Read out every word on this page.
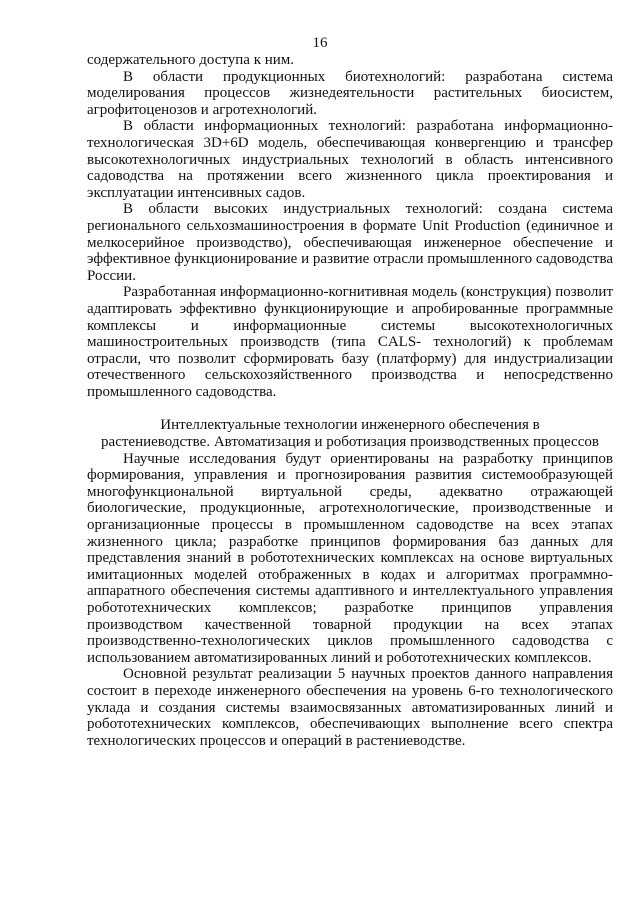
16

содержательного доступа к ним.

В области продукционных биотехнологий: разработана система моделирования процессов жизнедеятельности растительных биосистем, агрофитоценозов и агротехнологий.

В области информационных технологий: разработана информационно-технологическая 3D+6D модель, обеспечивающая конвергенцию и трансфер высокотехнологичных индустриальных технологий в область интенсивного садоводства на протяжении всего жизненного цикла проектирования и эксплуатации интенсивных садов.

В области высоких индустриальных технологий: создана система регионального сельхозмашиностроения в формате Unit Production (единичное и мелкосерийное производство), обеспечивающая инженерное обеспечение и эффективное функционирование и развитие отрасли промышленного садоводства России.

Разработанная информационно-когнитивная модель (конструкция) позволит адаптировать эффективно функционирующие и апробированные программные комплексы и информационные системы высокотехнологичных машиностроительных производств (типа CALS- технологий) к проблемам отрасли, что позволит сформировать базу (платформу) для индустриализации отечественного сельскохозяйственного производства и непосредственно промышленного садоводства.

Интеллектуальные технологии инженерного обеспечения в
растениеводстве. Автоматизация и роботизация производственных процессов

Научные исследования будут ориентированы на разработку принципов формирования, управления и прогнозирования развития системообразующей многофункциональной виртуальной среды, адекватно отражающей биологические, продукционные, агротехнологические, производственные и организационные процессы в промышленном садоводстве на всех этапах жизненного цикла; разработке принципов формирования баз данных для представления знаний в робототехнических комплексах на основе виртуальных имитационных моделей отображенных в кодах и алгоритмах программно-аппаратного обеспечения системы адаптивного и интеллектуального управления робототехнических комплексов; разработке принципов управления производством качественной товарной продукции на всех этапах производственно-технологических циклов промышленного садоводства с использованием автоматизированных линий и робототехнических комплексов.

Основной результат реализации 5 научных проектов данного направления состоит в переходе инженерного обеспечения на уровень 6-го технологического уклада и создания системы взаимосвязанных автоматизированных линий и робототехнических комплексов, обеспечивающих выполнение всего спектра технологических процессов и операций в растениеводстве.
